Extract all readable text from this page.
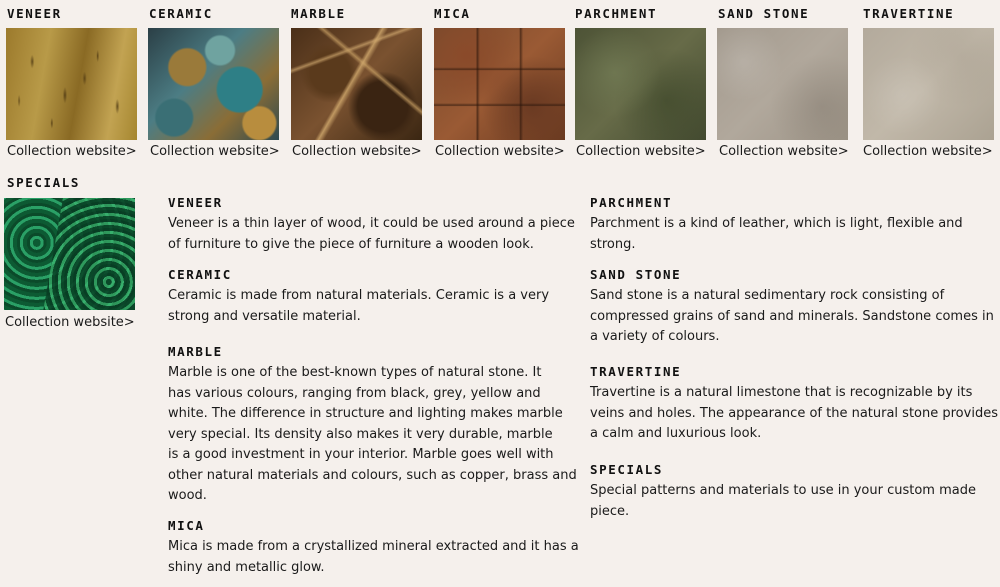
VENEER
Collection website>
CERAMIC
Collection website>
MARBLE
Collection website>
MICA
Collection website>
PARCHMENT
Collection website>
SAND STONE
Collection website>
TRAVERTINE
Collection website>
SPECIALS
Collection website>
VENEER
Veneer is a thin layer of wood, it could be used around a piece
of furniture to give the piece of furniture a wooden look.
CERAMIC
Ceramic is made from natural materials. Ceramic is a very
strong and versatile material.
MARBLE
Marble is one of the best-known types of natural stone. It
has various colours, ranging from black, grey, yellow and
white. The difference in structure and lighting makes marble
very special. Its density also makes it very durable, marble
is a good investment in your interior. Marble goes well with
other natural materials and colours, such as copper, brass and
wood.
MICA
Mica is made from a crystallized mineral extracted and it has a
shiny and metallic glow.
PARCHMENT
Parchment is a kind of leather, which is light, flexible and
strong.
SAND STONE
Sand stone is a natural sedimentary rock consisting of
compressed grains of sand and minerals. Sandstone comes in
a variety of colours.
TRAVERTINE
Travertine is a natural limestone that is recognizable by its
veins and holes. The appearance of the natural stone provides
a calm and luxurious look.
SPECIALS
Special patterns and materials to use in your custom made
piece.
